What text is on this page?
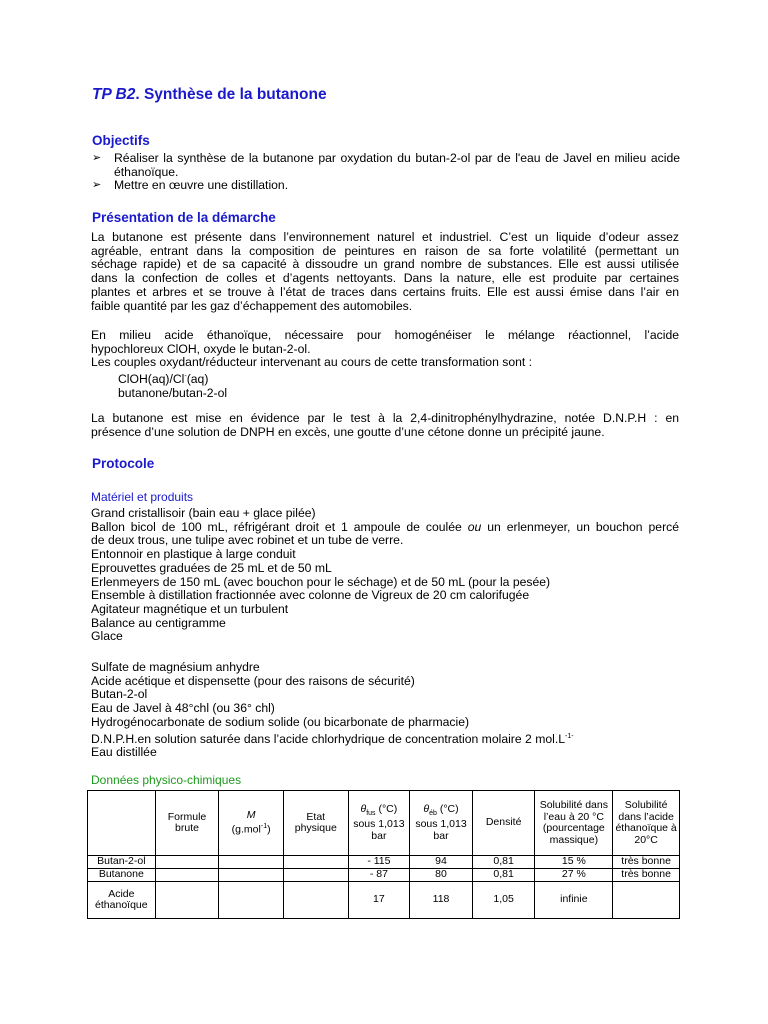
TP B2. Synthèse de la butanone
Objectifs
➢ Réaliser la synthèse de la butanone par oxydation du butan-2-ol par de l'eau de Javel en milieu acide éthanoïque.
➢ Mettre en œuvre une distillation.
Présentation de la démarche
La butanone est présente dans l’environnement naturel et industriel. C’est un liquide d’odeur assez
agréable, entrant dans la composition de peintures en raison de sa forte volatilité (permettant un
séchage rapide) et de sa capacité à dissoudre un grand nombre de substances. Elle est aussi utilisée
dans la confection de colles et d’agents nettoyants. Dans la nature, elle est produite par certaines
plantes et arbres et se trouve à l’état de traces dans certains fruits. Elle est aussi émise dans l’air en
faible quantité par les gaz d’échappement des automobiles.
En milieu acide éthanoïque, nécessaire pour homogénéiser le mélange réactionnel, l’acide
hypochloreux ClOH, oxyde le butan-2-ol.
Les couples oxydant/réducteur intervenant au cours de cette transformation sont :
ClOH(aq)/Cl-(aq)
butanone/butan-2-ol
La butanone est mise en évidence par le test à la 2,4-dinitrophénylhydrazine, notée D.N.P.H : en
présence d’une solution de DNPH en excès, une goutte d’une cétone donne un précipité jaune.
Protocole
Matériel et produits
Grand cristallisoir (bain eau + glace pilée)
Ballon bicol de 100 mL, réfrigérant droit et 1 ampoule de coulée ou un erlenmeyer, un bouchon percé
de deux trous, une tulipe avec robinet et un tube de verre.
Entonnoir en plastique à large conduit
Eprouvettes graduées de 25 mL et de 50 mL
Erlenmeyers de 150 mL (avec bouchon pour le séchage) et de 50 mL (pour la pesée)
Ensemble à distillation fractionnée avec colonne de Vigreux de 20 cm calorifugée
Agitateur magnétique et un turbulent
Balance au centigramme
Glace
Sulfate de magnésium anhydre
Acide acétique et dispensette (pour des raisons de sécurité)
Butan-2-ol
Eau de Javel à 48°chl (ou 36° chl)
Hydrogénocarbonate de sodium solide (ou bicarbonate de pharmacie)
D.N.P.H.en solution saturée dans l’acide chlorhydrique de concentration molaire 2 $mol.L^{-1-}$
Eau distillée
Données physico-chimiques
	Formule brute	M
(g.mol$^{-1}$)	Etat physique	$\theta_{fus}$ (°C) sous 1,013 bar	$\theta_{éb}$ (°C) sous 1,013 bar	Densité	Solubilité dans l’eau à 20 °C (pourcentage massique)	Solubilité dans l’acide éthanoïque à 20°C
Butan-2-ol				- 115	94	0,81	15 %	très bonne
Butanone				- 87	80	0,81	27 %	très bonne
Acide éthanoïque				17	118	1,05	infinie	
